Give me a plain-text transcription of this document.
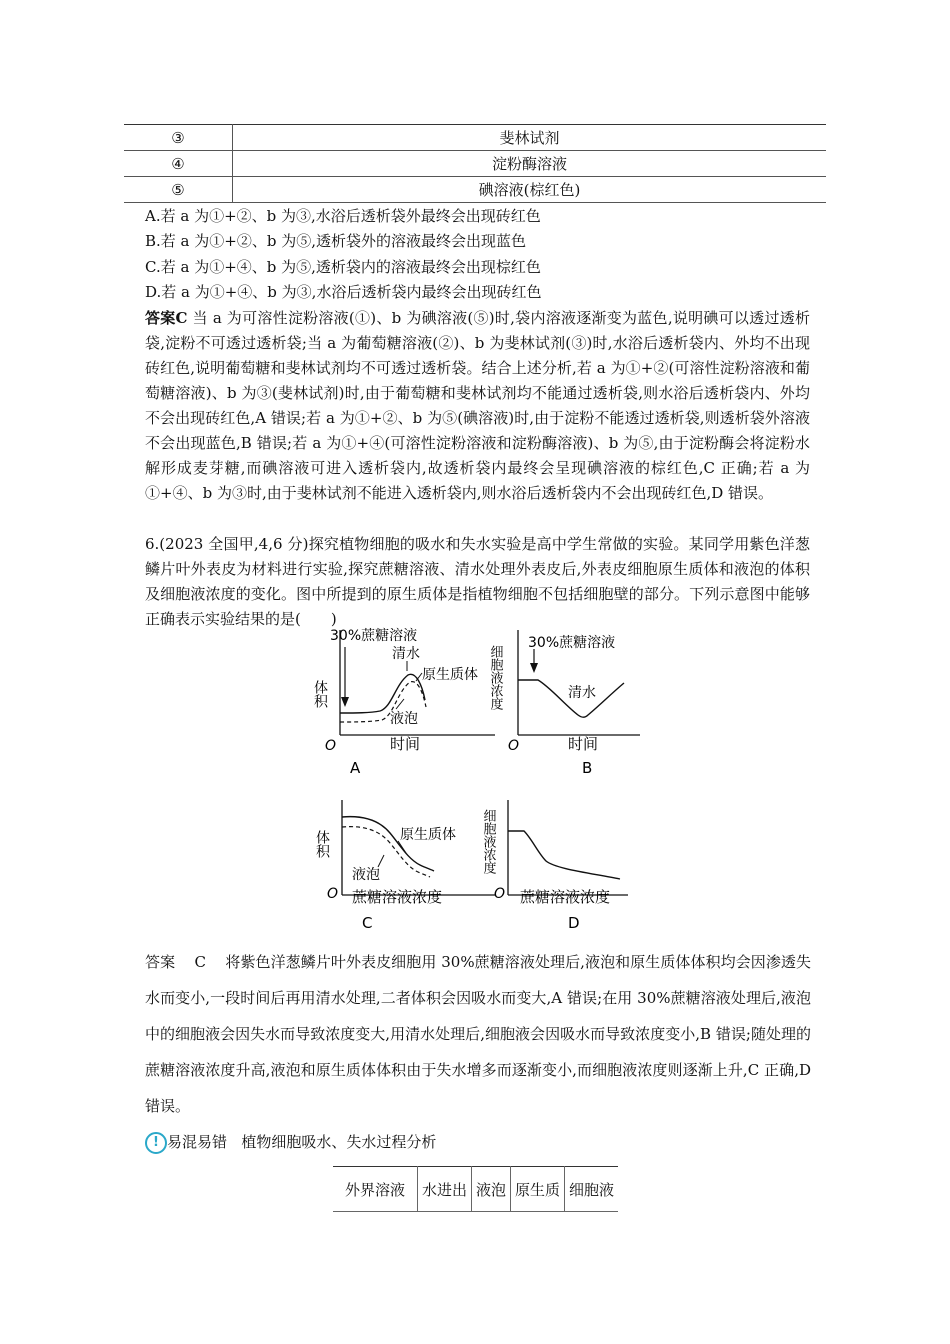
③	斐林试剂
④	淀粉酶溶液
⑤	碘溶液(棕红色)
A.若 a 为①+②、b 为③,水浴后透析袋外最终会出现砖红色
B.若 a 为①+②、b 为⑤,透析袋外的溶液最终会出现蓝色
C.若 a 为①+④、b 为⑤,透析袋内的溶液最终会出现棕红色
D.若 a 为①+④、b 为③,水浴后透析袋内最终会出现砖红色
答案C 当 a 为可溶性淀粉溶液(①)、b 为碘溶液(⑤)时,袋内溶液逐渐变为蓝色,说明碘可以透过透析袋,淀粉不可透过透析袋;当 a 为葡萄糖溶液(②)、b 为斐林试剂(③)时,水浴后透析袋内、外均不出现砖红色,说明葡萄糖和斐林试剂均不可透过透析袋。结合上述分析,若 a 为①+②(可溶性淀粉溶液和葡萄糖溶液)、b 为③(斐林试剂)时,由于葡萄糖和斐林试剂均不能通过透析袋,则水浴后透析袋内、外均不会出现砖红色,A 错误;若 a 为①+②、b 为⑤(碘溶液)时,由于淀粉不能透过透析袋,则透析袋外溶液不会出现蓝色,B 错误;若 a 为①+④(可溶性淀粉溶液和淀粉酶溶液)、b 为⑤,由于淀粉酶会将淀粉水解形成麦芽糖,而碘溶液可进入透析袋内,故透析袋内最终会呈现碘溶液的棕红色,C 正确;若 a 为①+④、b 为③时,由于斐林试剂不能进入透析袋内,则水浴后透析袋内不会出现砖红色,D 错误。
6.(2023 全国甲,4,6 分)探究植物细胞的吸水和失水实验是高中学生常做的实验。某同学用紫色洋葱鳞片叶外表皮为材料进行实验,探究蔗糖溶液、清水处理外表皮后,外表皮细胞原生质体和液泡的体积及细胞液浓度的变化。图中所提到的原生质体是指植物细胞不包括细胞壁的部分。下列示意图中能够正确表示实验结果的是(　　)
O
体积
时间
30%蔗糖溶液
清水
原生质体
液泡
A
O
细胞液浓度
时间
30%蔗糖溶液
清水
B
O
体积
蔗糖溶液浓度
原生质体
液泡
C
O
细胞液浓度
蔗糖溶液浓度
D
答案 C 将紫色洋葱鳞片叶外表皮细胞用 30%蔗糖溶液处理后,液泡和原生质体体积均会因渗透失水而变小,一段时间后再用清水处理,二者体积会因吸水而变大,A 错误;在用 30%蔗糖溶液处理后,液泡中的细胞液会因失水而导致浓度变大,用清水处理后,细胞液会因吸水而导致浓度变小,B 错误;随处理的蔗糖溶液浓度升高,液泡和原生质体体积由于失水增多而逐渐变小,而细胞液浓度则逐渐上升,C 正确,D 错误。
! 易混易错 植物细胞吸水、失水过程分析
外界溶液	水进出	液泡	原生质	细胞液
